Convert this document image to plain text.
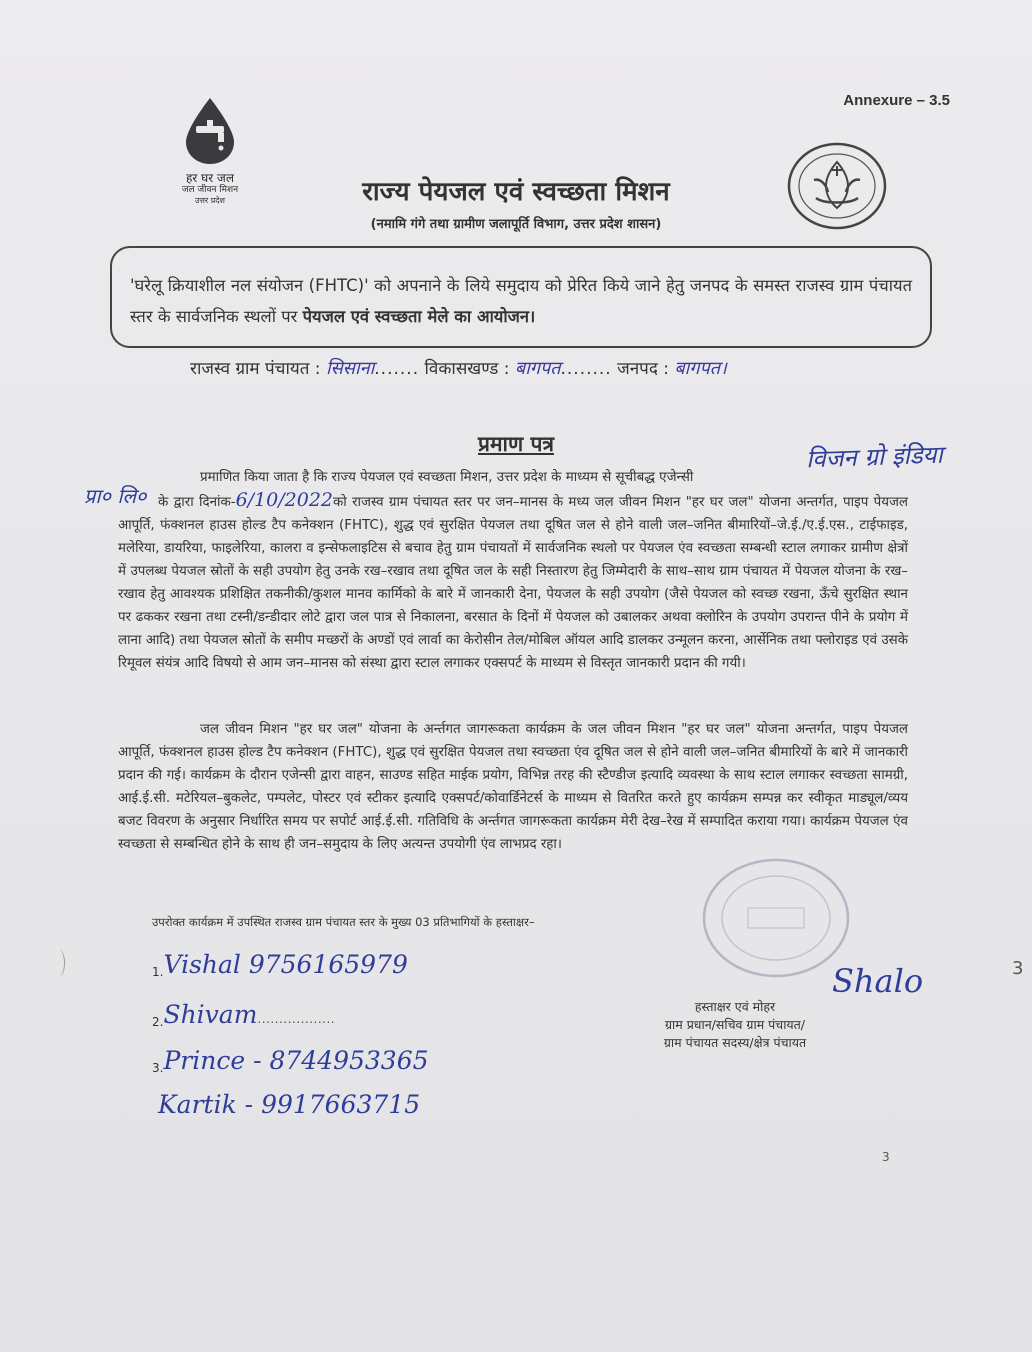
Annexure – 3.5
हर घर जल
जल जीवन मिशन
उत्तर प्रदेश	राज्य पेयजल एवं स्वच्छता मिशन
(नमामि गंगे तथा ग्रामीण जलापूर्ति विभाग, उत्तर प्रदेश शासन)
'घरेलू क्रियाशील नल संयोजन (FHTC)' को अपनाने के लिये समुदाय को प्रेरित किये जाने हेतु जनपद के समस्त राजस्व ग्राम पंचायत स्तर के सार्वजनिक स्थलों पर पेयजल एवं स्वच्छता मेले का आयोजन।
राजस्व ग्राम पंचायत : सिसाना....... विकासखण्ड : बागपत........ जनपद : बागपत।
प्रमाण पत्र	विजन ग्रो इंडिया
प्रा० लि०
प्रमाणित किया जाता है कि राज्य पेयजल एवं स्वच्छता मिशन, उत्तर प्रदेश के माध्यम से सूचीबद्ध एजेन्सी
के द्वारा दिनांक-6/10/2022को राजस्व ग्राम पंचायत स्तर पर जन–मानस के मध्य जल जीवन मिशन "हर घर जल" योजना अन्तर्गत, पाइप पेयजल आपूर्ति, फंक्शनल हाउस होल्ड टैप कनेक्शन (FHTC), शुद्ध एवं सुरक्षित पेयजल तथा दूषित जल से होने वाली जल–जनित बीमारियों–जे.ई./ए.ई.एस., टाईफाइड, मलेरिया, डायरिया, फाइलेरिया, कालरा व इन्सेफलाइटिस से बचाव हेतु ग्राम पंचायतों में सार्वजनिक स्थलो पर पेयजल एंव स्वच्छता सम्बन्धी स्टाल लगाकर ग्रामीण क्षेत्रों में उपलब्ध पेयजल स्रोतों के सही उपयोग हेतु उनके रख–रखाव तथा दूषित जल के सही निस्तारण हेतु जिम्मेदारी के साथ–साथ ग्राम पंचायत में पेयजल योजना के रख–रखाव हेतु आवश्यक प्रशिक्षित तकनीकी/कुशल मानव कार्मिको के बारे में जानकारी देना, पेयजल के सही उपयोग (जैसे पेयजल को स्वच्छ रखना, ऊँचे सुरक्षित स्थान पर ढककर रखना तथा टस्नी/डन्डीदार लोटे द्वारा जल पात्र से निकालना, बरसात के दिनों में पेयजल को उबालकर अथवा क्लोरिन के उपयोग उपरान्त पीने के प्रयोग में लाना आदि) तथा पेयजल स्रोतों के समीप मच्छरों के अण्डों एवं लार्वा का केरोसीन तेल/मोबिल ऑयल आदि डालकर उन्मूलन करना, आर्सेनिक तथा फ्लोराइड एवं उसके रिमूवल संयंत्र आदि विषयो से आम जन–मानस को संस्था द्वारा स्टाल लगाकर एक्सपर्ट के माध्यम से विस्तृत जानकारी प्रदान की गयी।
जल जीवन मिशन "हर घर जल" योजना के अर्न्तगत जागरूकता कार्यक्रम के जल जीवन मिशन "हर घर जल" योजना अन्तर्गत, पाइप पेयजल आपूर्ति, फंक्शनल हाउस होल्ड टैप कनेक्शन (FHTC), शुद्ध एवं सुरक्षित पेयजल तथा स्वच्छता एंव दूषित जल से होने वाली जल–जनित बीमारियों के बारे में जानकारी प्रदान की गई। कार्यक्रम के दौरान एजेन्सी द्वारा वाहन, साउण्ड सहित माईक प्रयोग, विभिन्न तरह की स्टैण्डीज इत्यादि व्यवस्था के साथ स्टाल लगाकर स्वच्छता सामग्री, आई.ई.सी. मटेरियल–बुकलेट, पम्पलेट, पोस्टर एवं स्टीकर इत्यादि एक्सपर्ट/कोवार्डिनेटर्स के माध्यम से वितरित करते हुए कार्यक्रम सम्पन्न कर स्वीकृत माड्यूल/व्यय बजट विवरण के अनुसार निर्धारित समय पर सपोर्ट आई.ई.सी. गतिविधि के अर्न्तगत जागरूकता कार्यक्रम मेरी देख–रेख में सम्पादित कराया गया। कार्यक्रम पेयजल एंव स्वच्छता से सम्बन्धित होने के साथ ही जन–समुदाय के लिए अत्यन्त उपयोगी एंव लाभप्रद रहा।
उपरोक्त कार्यक्रम में उपस्थित राजस्व ग्राम पंचायत स्तर के मुख्य 03 प्रतिभागियों के हस्ताक्षर–
1.Vishal 9756165979
2.Shivam..................
3.Prince - 8744953365
Kartik - 9917663715
Shalo
हस्ताक्षर एवं मोहर
ग्राम प्रधान/सचिव ग्राम पंचायत/
ग्राम पंचायत सदस्य/क्षेत्र पंचायत
3
3
